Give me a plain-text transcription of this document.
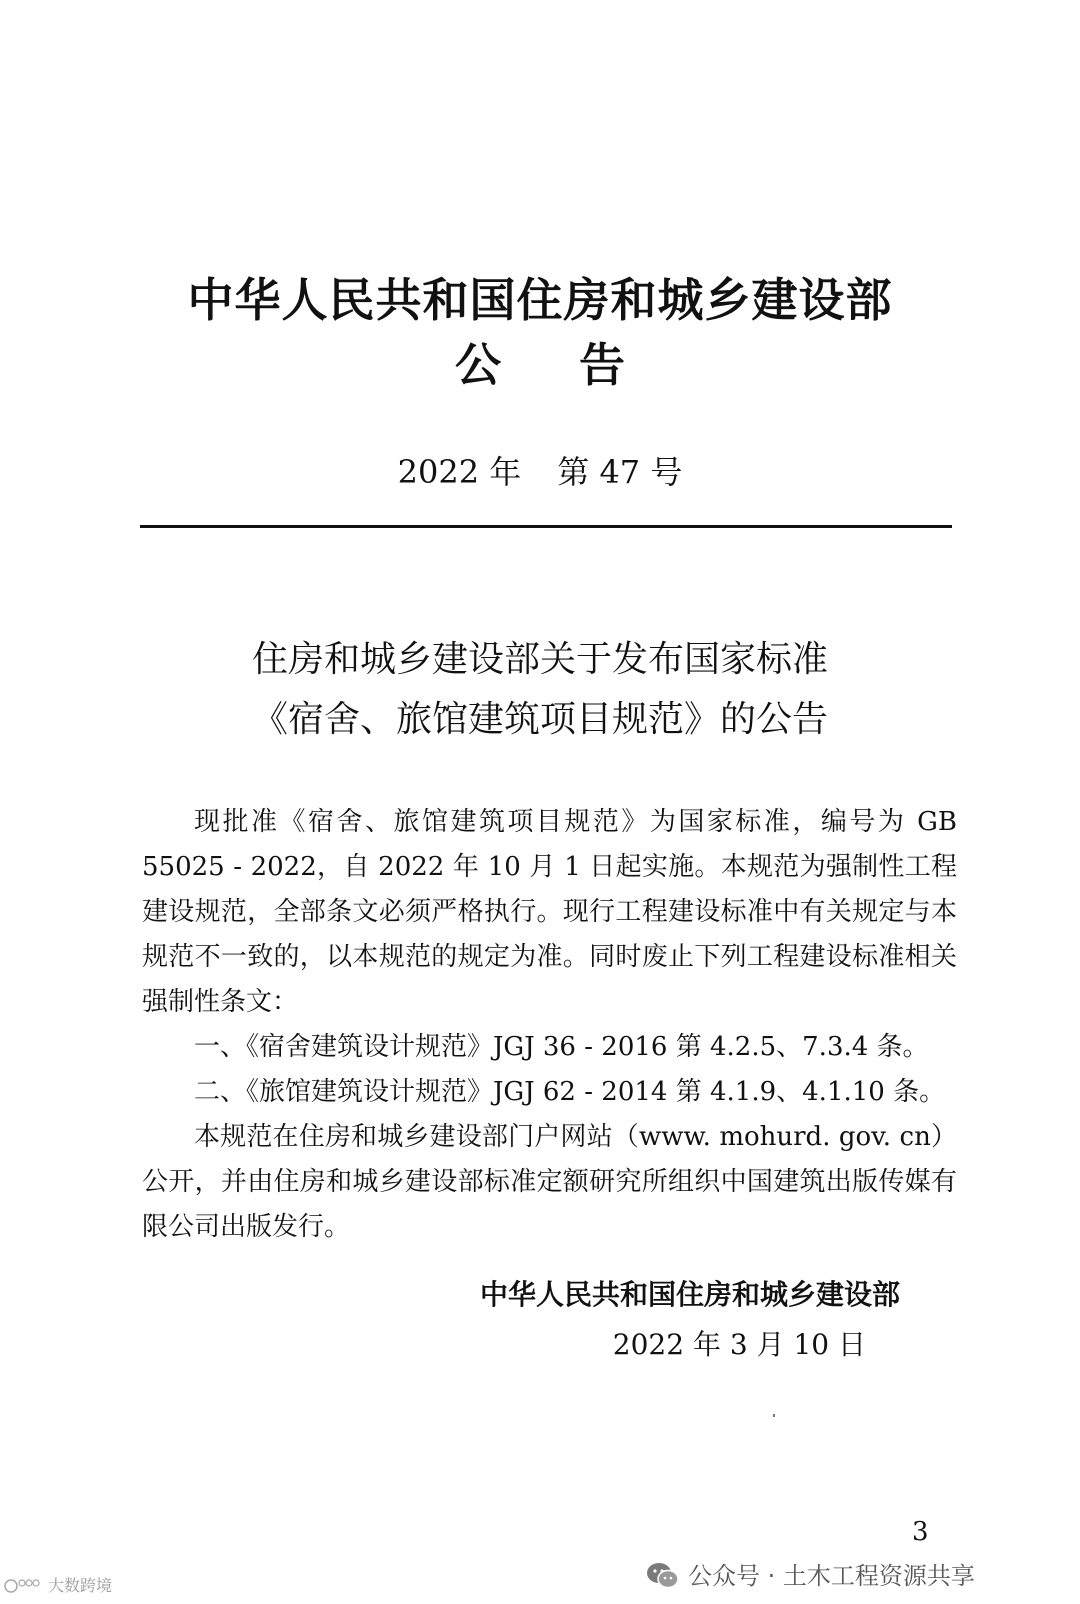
中华人民共和国住房和城乡建设部
公 告
2022 年 第 47 号
住房和城乡建设部关于发布国家标准
《宿舍、旅馆建筑项目规范》的公告

现批准《宿舍、旅馆建筑项目规范》为国家标准，编号为 GB 55025 - 2022，自 2022 年 10 月 1 日起实施。本规范为强制性工程建设规范，全部条文必须严格执行。现行工程建设标准中有关规定与本规范不一致的，以本规范的规定为准。同时废止下列工程建设标准相关强制性条文：

一、《宿舍建筑设计规范》JGJ 36 - 2016 第 4.2.5、7.3.4 条。

二、《旅馆建筑设计规范》JGJ 62 - 2014 第 4.1.9、4.1.10 条。

本规范在住房和城乡建设部门户网站（www. mohurd. gov. cn）公开，并由住房和城乡建设部标准定额研究所组织中国建筑出版传媒有限公司出版发行。

中华人民共和国住房和城乡建设部
2022 年 3 月 10 日
3
公众号 · 土木工程资源共享
大数跨境
